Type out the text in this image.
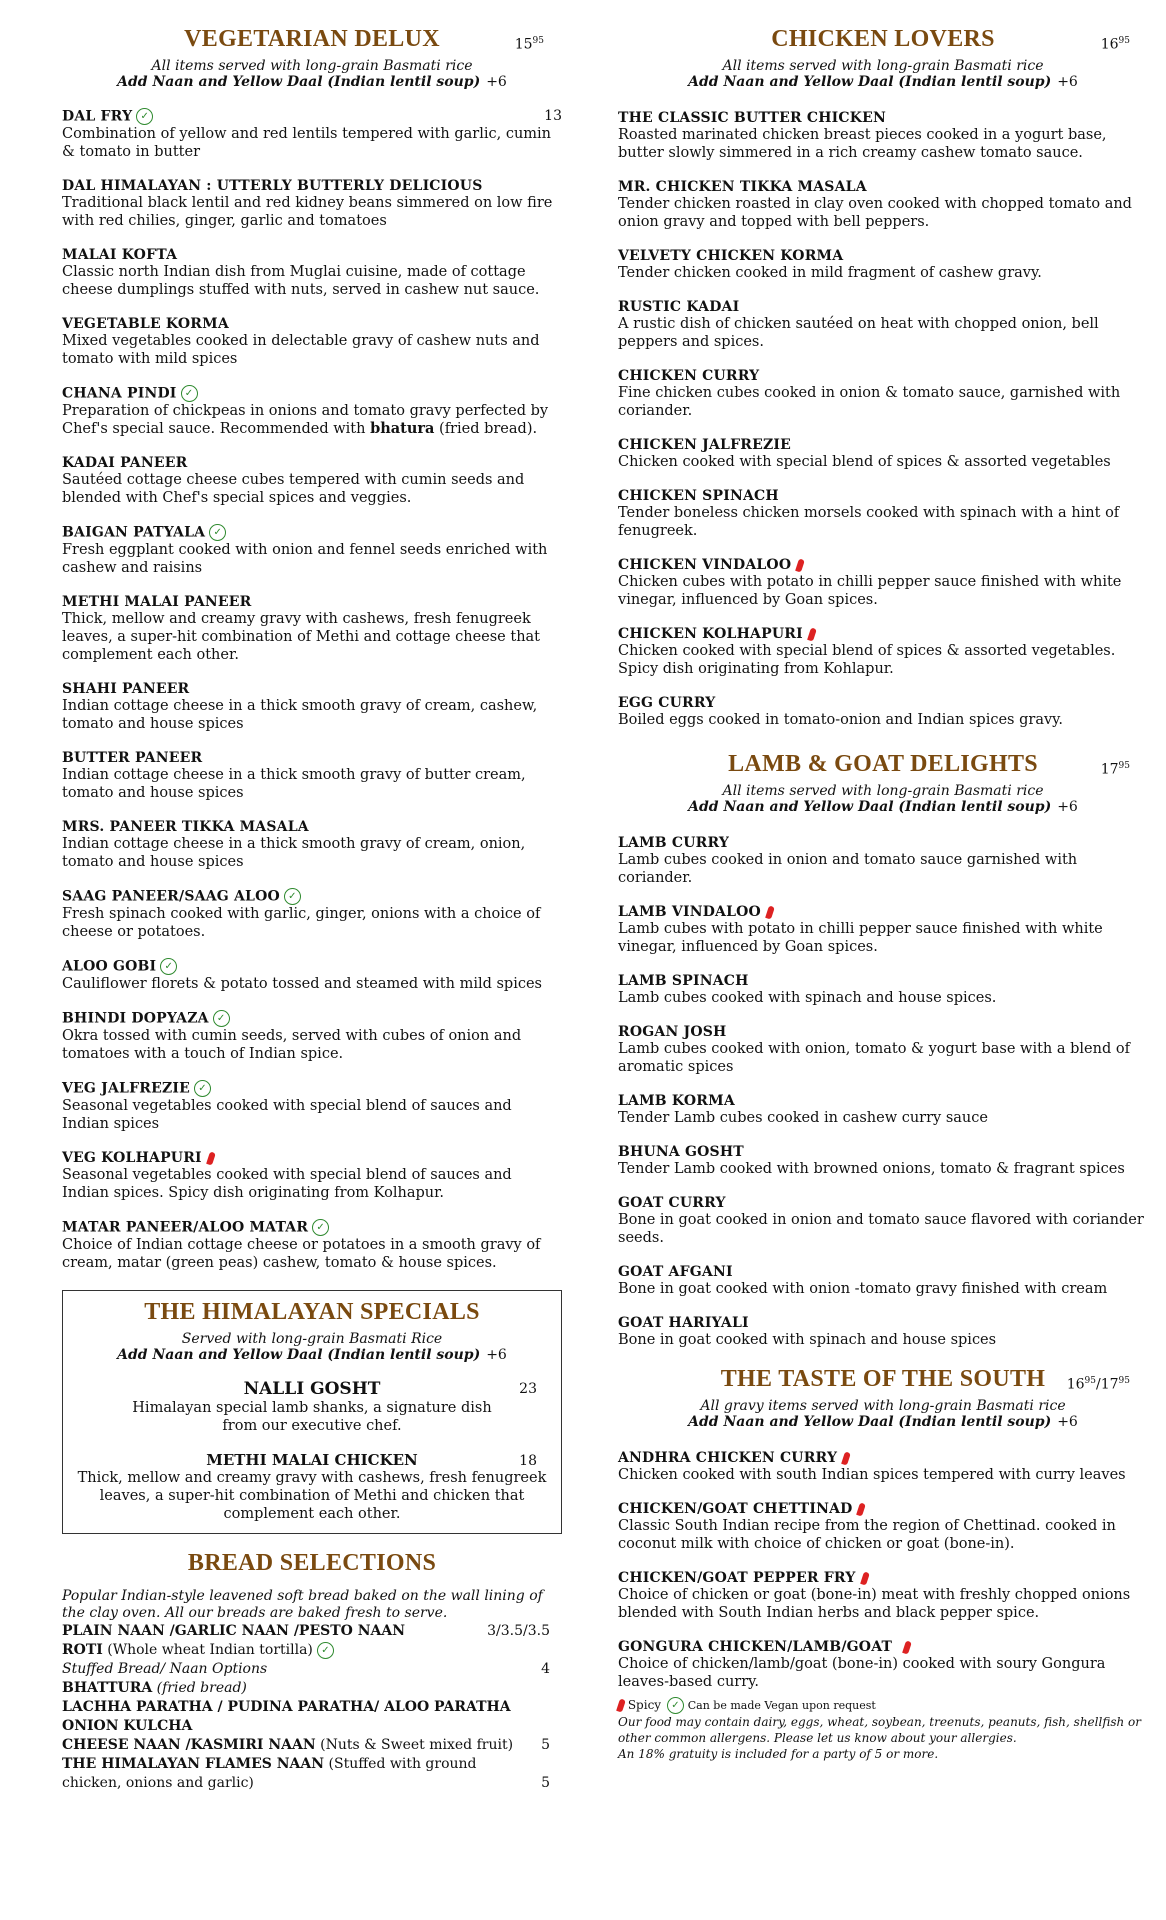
VEGETARIAN DELUX	$15^{95}$
All items served with long-grain Basmati rice
Add Naan and Yellow Daal (Indian lentil soup) +6
DAL FRY ✓	13
Combination of yellow and red lentils tempered with garlic, cumin & tomato in butter
DAL HIMALAYAN : UTTERLY BUTTERLY DELICIOUS
Traditional black lentil and red kidney beans simmered on low fire with red chilies, ginger, garlic and tomatoes
MALAI KOFTA
Classic north Indian dish from Muglai cuisine, made of cottage cheese dumplings stuffed with nuts, served in cashew nut sauce.
VEGETABLE KORMA
Mixed vegetables cooked in delectable gravy of cashew nuts and tomato with mild spices
CHANA PINDI ✓
Preparation of chickpeas in onions and tomato gravy perfected by Chef's special sauce. Recommended with bhatura (fried bread).
KADAI PANEER
Sautéed cottage cheese cubes tempered with cumin seeds and blended with Chef's special spices and veggies.
BAIGAN PATYALA ✓
Fresh eggplant cooked with onion and fennel seeds enriched with cashew and raisins
METHI MALAI PANEER
Thick, mellow and creamy gravy with cashews, fresh fenugreek leaves, a super-hit combination of Methi and cottage cheese that complement each other.
SHAHI PANEER
Indian cottage cheese in a thick smooth gravy of cream, cashew, tomato and house spices
BUTTER PANEER
Indian cottage cheese in a thick smooth gravy of butter cream, tomato and house spices
MRS. PANEER TIKKA MASALA
Indian cottage cheese in a thick smooth gravy of cream, onion, tomato and house spices
SAAG PANEER/SAAG ALOO ✓
Fresh spinach cooked with garlic, ginger, onions with a choice of cheese or potatoes.
ALOO GOBI ✓
Cauliflower florets & potato tossed and steamed with mild spices
BHINDI DOPYAZA ✓
Okra tossed with cumin seeds, served with cubes of onion and tomatoes with a touch of Indian spice.
VEG JALFREZIE ✓
Seasonal vegetables cooked with special blend of sauces and Indian spices
VEG KOLHAPURI
Seasonal vegetables cooked with special blend of sauces and Indian spices. Spicy dish originating from Kolhapur.
MATAR PANEER/ALOO MATAR ✓
Choice of Indian cottage cheese or potatoes in a smooth gravy of cream, matar (green peas) cashew, tomato & house spices.
THE HIMALAYAN SPECIALS
Served with long-grain Basmati Rice
Add Naan and Yellow Daal (Indian lentil soup) +6
NALLI GOSHT	23
Himalayan special lamb shanks, a signature dish from our executive chef.
METHI MALAI CHICKEN	18
Thick, mellow and creamy gravy with cashews, fresh fenugreek leaves, a super-hit combination of Methi and chicken that complement each other.
BREAD SELECTIONS
Popular Indian-style leavened soft bread baked on the wall lining of the clay oven. All our breads are baked fresh to serve.
PLAIN NAAN /GARLIC NAAN /PESTO NAAN	3/3.5/3.5
ROTI (Whole wheat Indian tortilla) ✓
Stuffed Bread/ Naan Options	4
BHATTURA (fried bread)
LACHHA PARATHA / PUDINA PARATHA/ ALOO PARATHA
ONION KULCHA
CHEESE NAAN /KASMIRI NAAN (Nuts & Sweet mixed fruit) 5
THE HIMALAYAN FLAMES NAAN (Stuffed with ground chicken, onions and garlic)	5
CHICKEN LOVERS	$16^{95}$
All items served with long-grain Basmati rice
Add Naan and Yellow Daal (Indian lentil soup) +6
THE CLASSIC BUTTER CHICKEN
Roasted marinated chicken breast pieces cooked in a yogurt base, butter slowly simmered in a rich creamy cashew tomato sauce.
MR. CHICKEN TIKKA MASALA
Tender chicken roasted in clay oven cooked with chopped tomato and onion gravy and topped with bell peppers.
VELVETY CHICKEN KORMA
Tender chicken cooked in mild fragment of cashew gravy.
RUSTIC KADAI
A rustic dish of chicken sautéed on heat with chopped onion, bell peppers and spices.
CHICKEN CURRY
Fine chicken cubes cooked in onion & tomato sauce, garnished with coriander.
CHICKEN JALFREZIE
Chicken cooked with special blend of spices & assorted vegetables
CHICKEN SPINACH
Tender boneless chicken morsels cooked with spinach with a hint of fenugreek.
CHICKEN VINDALOO
Chicken cubes with potato in chilli pepper sauce finished with white vinegar, influenced by Goan spices.
CHICKEN KOLHAPURI
Chicken cooked with special blend of spices & assorted vegetables. Spicy dish originating from Kohlapur.
EGG CURRY
Boiled eggs cooked in tomato-onion and Indian spices gravy.
LAMB & GOAT DELIGHTS	$17^{95}$
All items served with long-grain Basmati rice
Add Naan and Yellow Daal (Indian lentil soup) +6
LAMB CURRY
Lamb cubes cooked in onion and tomato sauce garnished with coriander.
LAMB VINDALOO
Lamb cubes with potato in chilli pepper sauce finished with white vinegar, influenced by Goan spices.
LAMB SPINACH
Lamb cubes cooked with spinach and house spices.
ROGAN JOSH
Lamb cubes cooked with onion, tomato & yogurt base with a blend of aromatic spices
LAMB KORMA
Tender Lamb cubes cooked in cashew curry sauce
BHUNA GOSHT
Tender Lamb cooked with browned onions, tomato & fragrant spices
GOAT CURRY
Bone in goat cooked in onion and tomato sauce flavored with coriander seeds.
GOAT AFGANI
Bone in goat cooked with onion -tomato gravy finished with cream
GOAT HARIYALI
Bone in goat cooked with spinach and house spices
THE TASTE OF THE SOUTH	$16^{95}/17^{95}$
All gravy items served with long-grain Basmati rice
Add Naan and Yellow Daal (Indian lentil soup) +6
ANDHRA CHICKEN CURRY
Chicken cooked with south Indian spices tempered with curry leaves
CHICKEN/GOAT CHETTINAD
Classic South Indian recipe from the region of Chettinad. cooked in coconut milk with choice of chicken or goat (bone-in).
CHICKEN/GOAT PEPPER FRY
Choice of chicken or goat (bone-in) meat with freshly chopped onions blended with South Indian herbs and black pepper spice.
GONGURA CHICKEN/LAMB/GOAT
Choice of chicken/lamb/goat (bone-in) cooked with soury Gongura leaves-based curry.
Spicy ✓ Can be made Vegan upon request
Our food may contain dairy, eggs, wheat, soybean, treenuts, peanuts, fish, shellfish or other common allergens. Please let us know about your allergies.
An 18% gratuity is included for a party of 5 or more.
